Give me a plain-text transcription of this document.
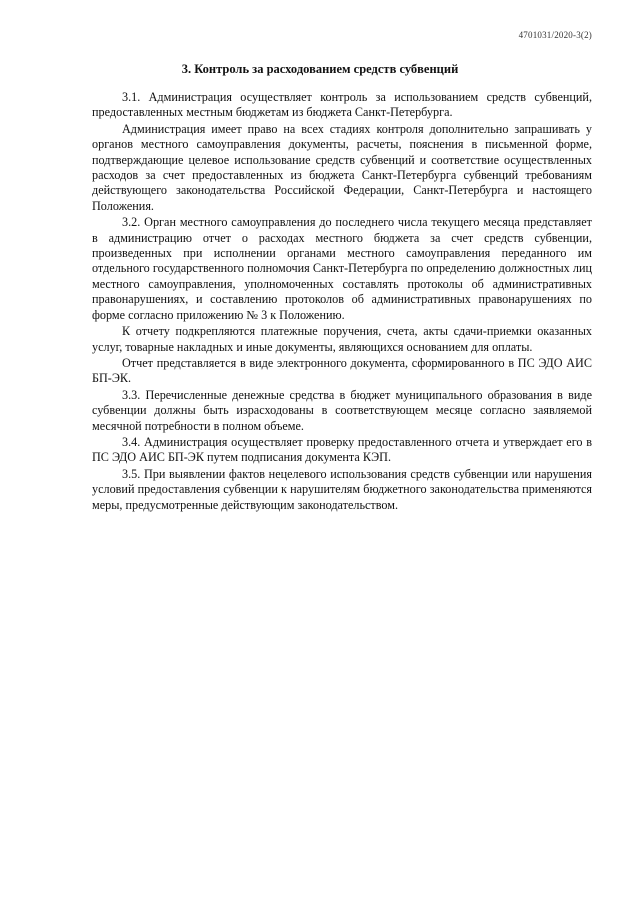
4701031/2020-3(2)
3. Контроль за расходованием средств субвенций

3.1. Администрация осуществляет контроль за использованием средств субвенций, предоставленных местным бюджетам из бюджета Санкт-Петербурга.

Администрация имеет право на всех стадиях контроля дополнительно запрашивать у органов местного самоуправления документы, расчеты, пояснения в письменной форме, подтверждающие целевое использование средств субвенций и соответствие осуществленных расходов за счет предоставленных из бюджета Санкт-Петербурга субвенций требованиям действующего законодательства Российской Федерации, Санкт-Петербурга и настоящего Положения.

3.2. Орган местного самоуправления до последнего числа текущего месяца представляет в администрацию отчет о расходах местного бюджета за счет средств субвенции, произведенных при исполнении органами местного самоуправления переданного им отдельного государственного полномочия Санкт-Петербурга по определению должностных лиц местного самоуправления, уполномоченных составлять протоколы об административных правонарушениях, и составлению протоколов об административных правонарушениях по форме согласно приложению № 3 к Положению.

К отчету подкрепляются платежные поручения, счета, акты сдачи-приемки оказанных услуг, товарные накладных и иные документы, являющихся основанием для оплаты.

Отчет представляется в виде электронного документа, сформированного в ПС ЭДО АИС БП-ЭК.

3.3. Перечисленные денежные средства в бюджет муниципального образования в виде субвенции должны быть израсходованы в соответствующем месяце согласно заявляемой месячной потребности в полном объеме.

3.4. Администрация осуществляет проверку предоставленного отчета и утверждает его в ПС ЭДО АИС БП-ЭК путем подписания документа КЭП.

3.5. При выявлении фактов нецелевого использования средств субвенции или нарушения условий предоставления субвенции к нарушителям бюджетного законодательства применяются меры, предусмотренные действующим законодательством.
